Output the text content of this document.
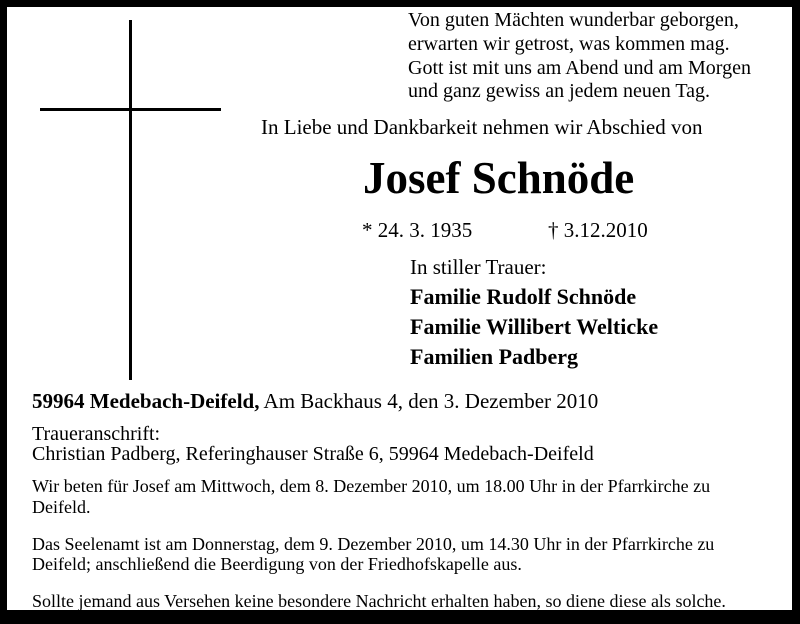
Von guten Mächten wunderbar geborgen,
erwarten wir getrost, was kommen mag.
Gott ist mit uns am Abend und am Morgen
und ganz gewiss an jedem neuen Tag.
In Liebe und Dankbarkeit nehmen wir Abschied von
Josef Schnöde
* 24. 3. 1935	† 3.12.2010
In stiller Trauer:
Familie Rudolf Schnöde
Familie Willibert Welticke
Familien Padberg
59964 Medebach-Deifeld, Am Backhaus 4, den 3. Dezember 2010
Traueranschrift:
Christian Padberg, Referinghauser Straße 6, 59964 Medebach-Deifeld
Wir beten für Josef am Mittwoch, dem 8. Dezember 2010, um 18.00 Uhr in der Pfarrkirche zu
Deifeld.
Das Seelenamt ist am Donnerstag, dem 9. Dezember 2010, um 14.30 Uhr in der Pfarrkirche zu
Deifeld; anschließend die Beerdigung von der Friedhofskapelle aus.
Sollte jemand aus Versehen keine besondere Nachricht erhalten haben, so diene diese als solche.
